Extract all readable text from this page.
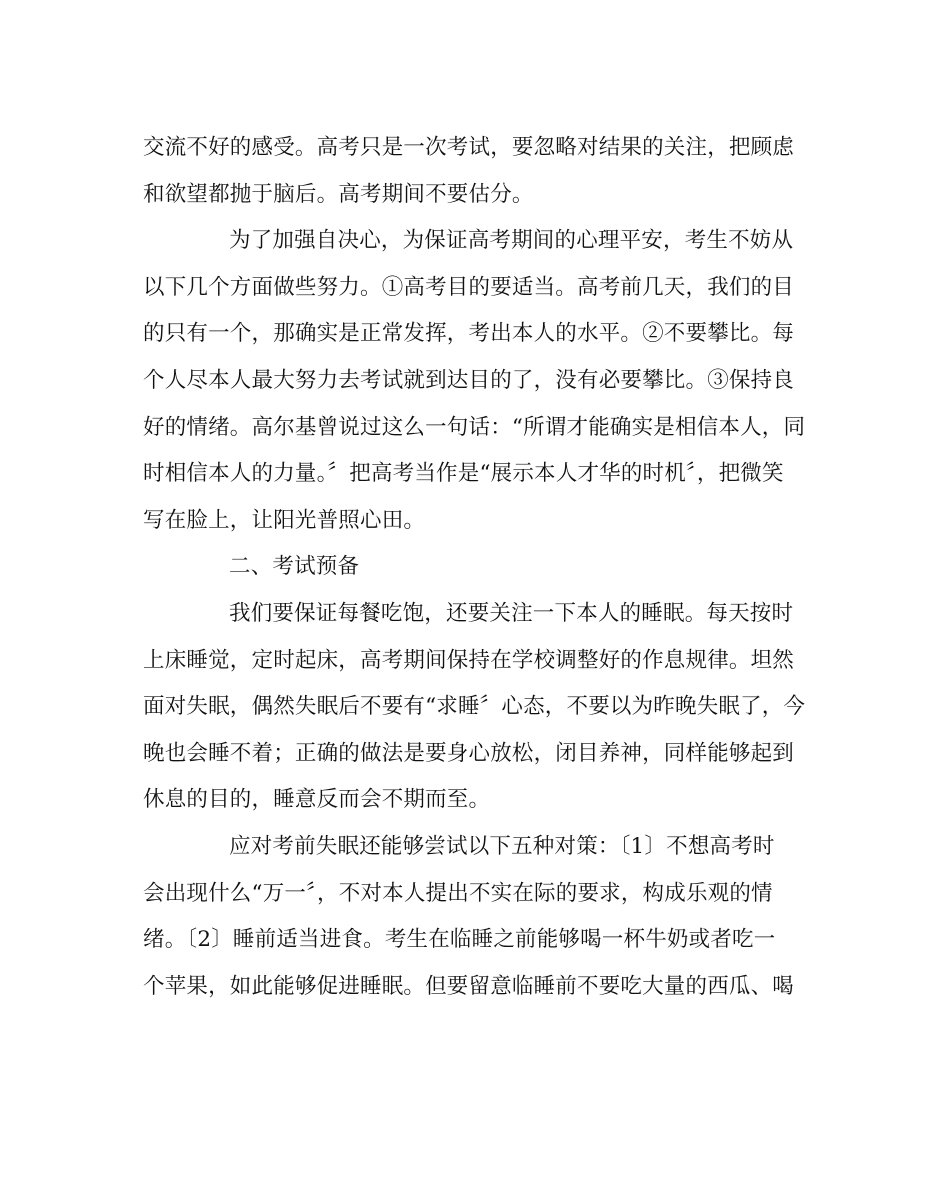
交流不好的感受。高考只是一次考试，要忽略对结果的关注，把顾虑
和欲望都抛于脑后。高考期间不要估分。
为了加强自决心，为保证高考期间的心理平安，考生不妨从
以下几个方面做些努力。①高考目的要适当。高考前几天，我们的目
的只有一个，那确实是正常发挥，考出本人的水平。②不要攀比。每
个人尽本人最大努力去考试就到达目的了，没有必要攀比。③保持良
好的情绪。高尔基曾说过这么一句话：“所谓才能确实是相信本人，同
时相信本人的力量。〞把高考当作是“展示本人才华的时机〞，把微笑
写在脸上，让阳光普照心田。
二、考试预备
我们要保证每餐吃饱，还要关注一下本人的睡眠。每天按时
上床睡觉，定时起床，高考期间保持在学校调整好的作息规律。坦然
面对失眠，偶然失眠后不要有“求睡〞心态，不要以为昨晚失眠了，今
晚也会睡不着；正确的做法是要身心放松，闭目养神，同样能够起到
休息的目的，睡意反而会不期而至。
应对考前失眠还能够尝试以下五种对策：〔1〕不想高考时
会出现什么“万一〞，不对本人提出不实在际的要求，构成乐观的情
绪。〔2〕睡前适当进食。考生在临睡之前能够喝一杯牛奶或者吃一
个苹果，如此能够促进睡眠。但要留意临睡前不要吃大量的西瓜、喝
